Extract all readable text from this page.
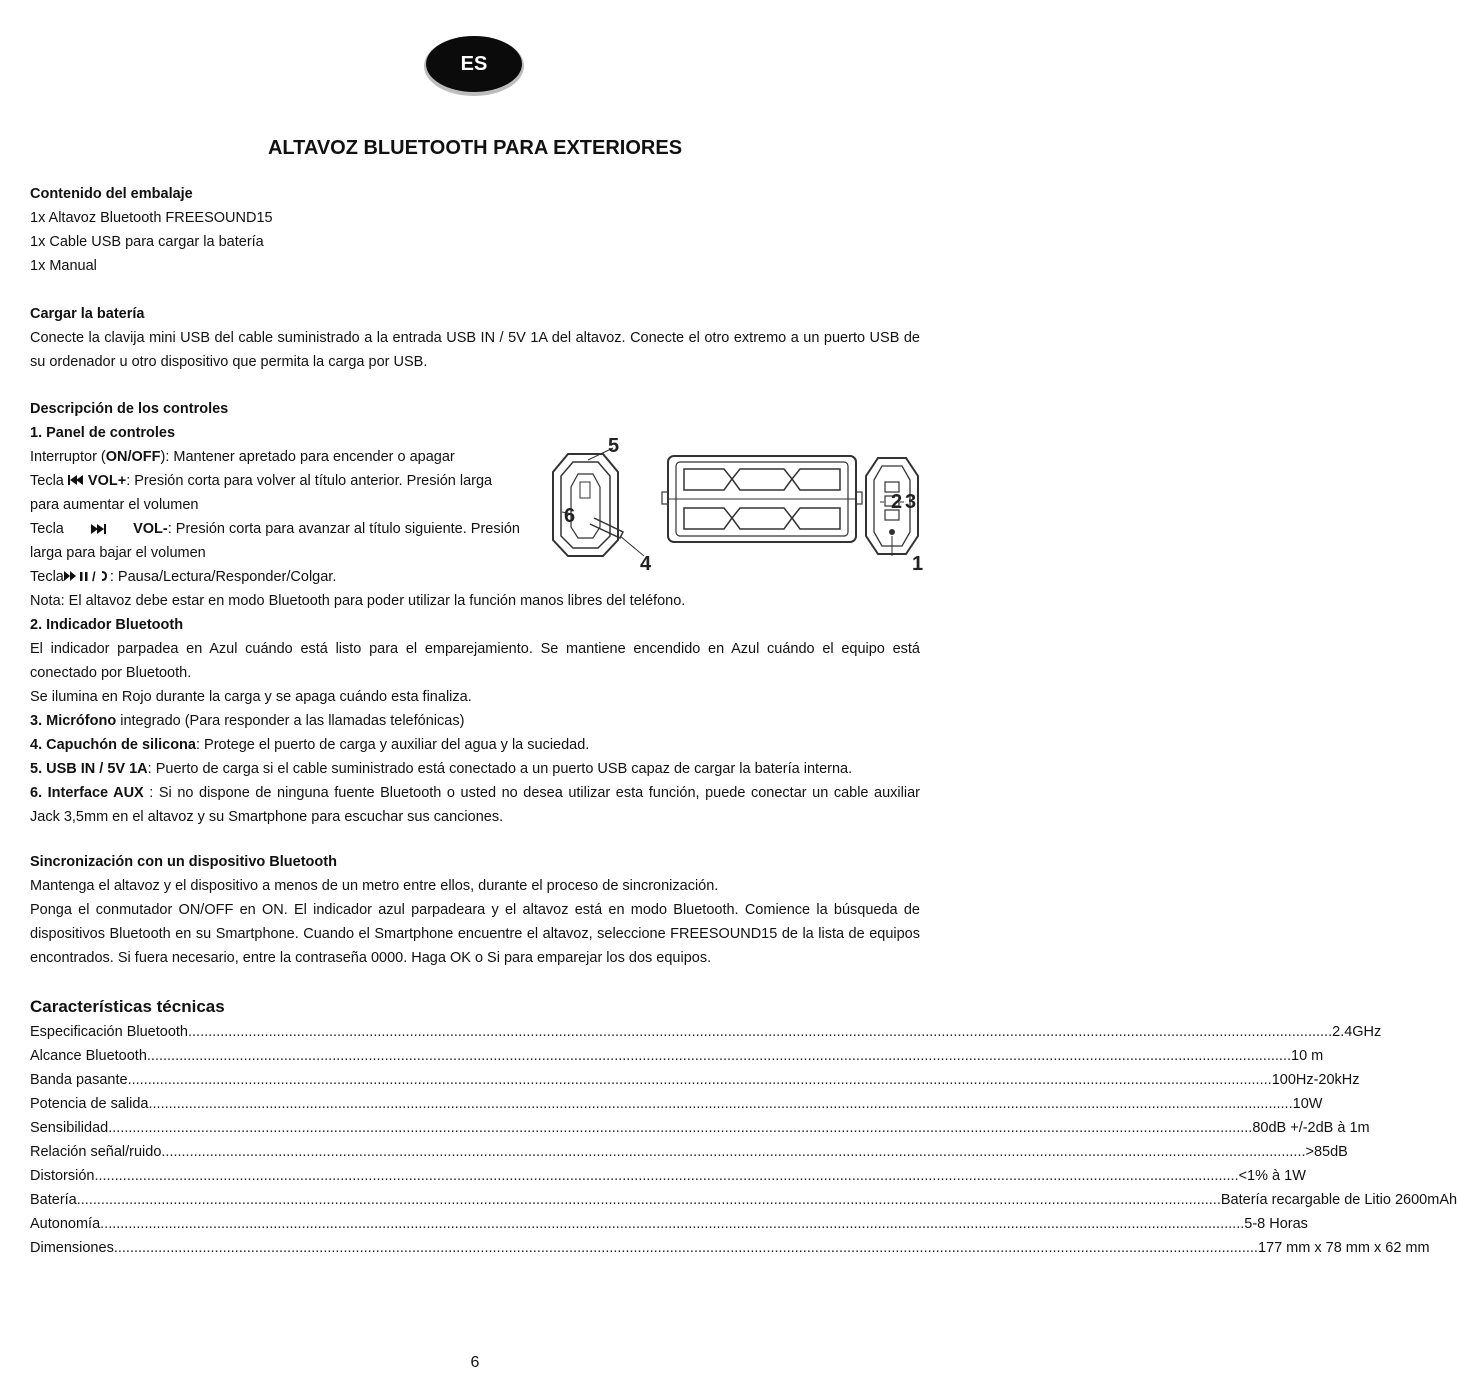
ES
ALTAVOZ BLUETOOTH PARA EXTERIORES
Contenido del embalaje
1x Altavoz Bluetooth FREESOUND15
1x Cable USB para cargar la batería
1x Manual
Cargar la batería
Conecte la clavija mini USB del cable suministrado a la entrada USB IN / 5V 1A del altavoz. Conecte el otro extremo a un puerto USB de su ordenador u otro dispositivo que permita la carga por USB.
Descripción de los controles
1. Panel de controles
Interruptor (ON/OFF): Mantener apretado para encender o apagar
Tecla VOL+: Presión corta para volver al título anterior. Presión larga para aumentar el volumen
Tecla	VOL-: Presión corta para avanzar al título siguiente. Presión
larga para bajar el volumen
Tecla / : Pausa/Lectura/Responder/Colgar.
Nota: El altavoz debe estar en modo Bluetooth para poder utilizar la función manos libres del teléfono.
2. Indicador Bluetooth
El indicador parpadea en Azul cuándo está listo para el emparejamiento. Se mantiene encendido en Azul cuándo el equipo está conectado por Bluetooth.
Se ilumina en Rojo durante la carga y se apaga cuándo esta finaliza.
3. Micrófono integrado (Para responder a las llamadas telefónicas)
4. Capuchón de silicona: Protege el puerto de carga y auxiliar del agua y la suciedad.
5. USB IN / 5V 1A: Puerto de carga si el cable suministrado está conectado a un puerto USB capaz de cargar la batería interna.
6. Interface AUX : Si no dispone de ninguna fuente Bluetooth o usted no desea utilizar esta función, puede conectar un cable auxiliar Jack 3,5mm en el altavoz y su Smartphone para escuchar sus canciones.
5
6
4
2 3
1
Sincronización con un dispositivo Bluetooth
Mantenga el altavoz y el dispositivo a menos de un metro entre ellos, durante el proceso de sincronización.
Ponga el conmutador ON/OFF en ON. El indicador azul parpadeara y el altavoz está en modo Bluetooth. Comience la búsqueda de dispositivos Bluetooth en su Smartphone. Cuando el Smartphone encuentre el altavoz, seleccione FREESOUND15 de la lista de equipos encontrados. Si fuera necesario, entre la contraseña 0000. Haga OK o Si para emparejar los dos equipos.
Características técnicas
Especificación Bluetooth .....	2.4GHz
Alcance Bluetooth .....	10 m
Banda pasante .....	100Hz-20kHz
Potencia de salida .....	10W
Sensibilidad .....	80dB +/-2dB à 1m
Relación señal/ruido .....	>85dB
Distorsión .....	<1% à 1W
Batería .....	Batería recargable de Litio 2600mAh
Autonomía .....	5-8 Horas
Dimensiones .....	177 mm x 78 mm x 62 mm
6
